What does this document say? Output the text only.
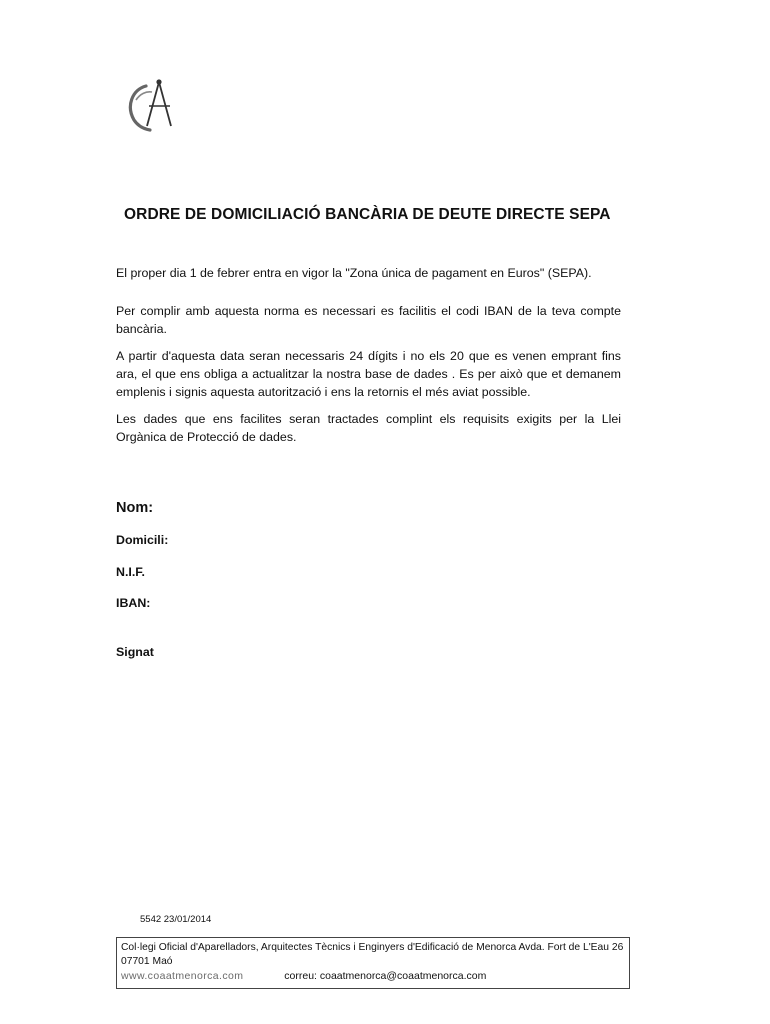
ORDRE DE DOMICILIACIÓ BANCÀRIA DE DEUTE DIRECTE SEPA
El proper dia 1 de febrer entra en vigor la "Zona única de pagament en Euros" (SEPA).
Per complir amb aquesta norma es necessari es facilitis el codi IBAN de la teva compte bancària.
A partir d'aquesta data seran necessaris 24 dígits i no els 20 que es venen emprant fins ara, el que ens obliga a actualitzar la nostra base de dades . Es per això que et demanem emplenis i signis aquesta autorització i ens la retornis el més aviat possible.
Les dades que ens facilites seran tractades complint els requisits exigits per la Llei Orgànica de Protecció de dades.
Nom:
Domicili:
N.I.F.
IBAN:
Signat
5542 23/01/2014
Col·legi Oficial d'Aparelladors, Arquitectes Tècnics i Enginyers d'Edificació de Menorca Avda. Fort de L'Eau 26 07701 Maó
www.coaatmenorca.com	correu: coaatmenorca@coaatmenorca.com
